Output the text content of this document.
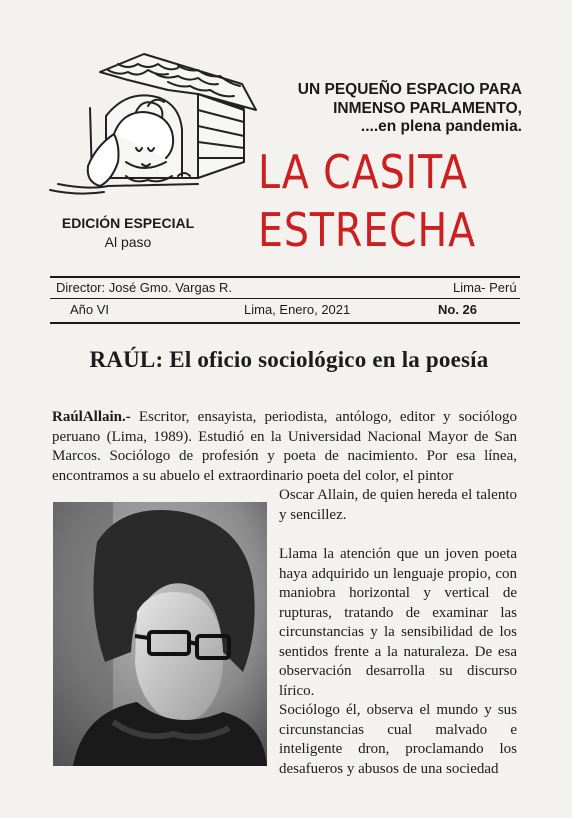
UN PEQUEÑO ESPACIO PARA
INMENSO PARLAMENTO,
....en plena pandemia.
LA CASITA
ESTRECHA
EDICIÓN ESPECIAL
Al paso
Director: José Gmo. Vargas R.	Lima- Perú
Año VI	Lima, Enero, 2021	No. 26
RAÚL: El oficio sociológico en la poesía

RaúlAllain.- Escritor, ensayista, periodista, antólogo, editor y sociólogo peruano (Lima, 1989). Estudió en la Universidad Nacional Mayor de San Marcos. Sociólogo de profesión y poeta de nacimiento. Por esa línea, encontramos a su abuelo el extraordinario poeta del color, el pintor

Oscar Allain, de quien hereda el talento y sencillez.

Llama la atención que un joven poeta haya adquirido un lenguaje propio, con maniobra horizontal y vertical de rupturas, tratando de examinar las circunstancias y la sensibilidad de los sentidos frente a la naturaleza. De esa observación desarrolla su discurso lírico.

Sociólogo él, observa el mundo y sus circunstancias cual malvado e inteligente dron, proclamando los desafueros y abusos de una sociedad
